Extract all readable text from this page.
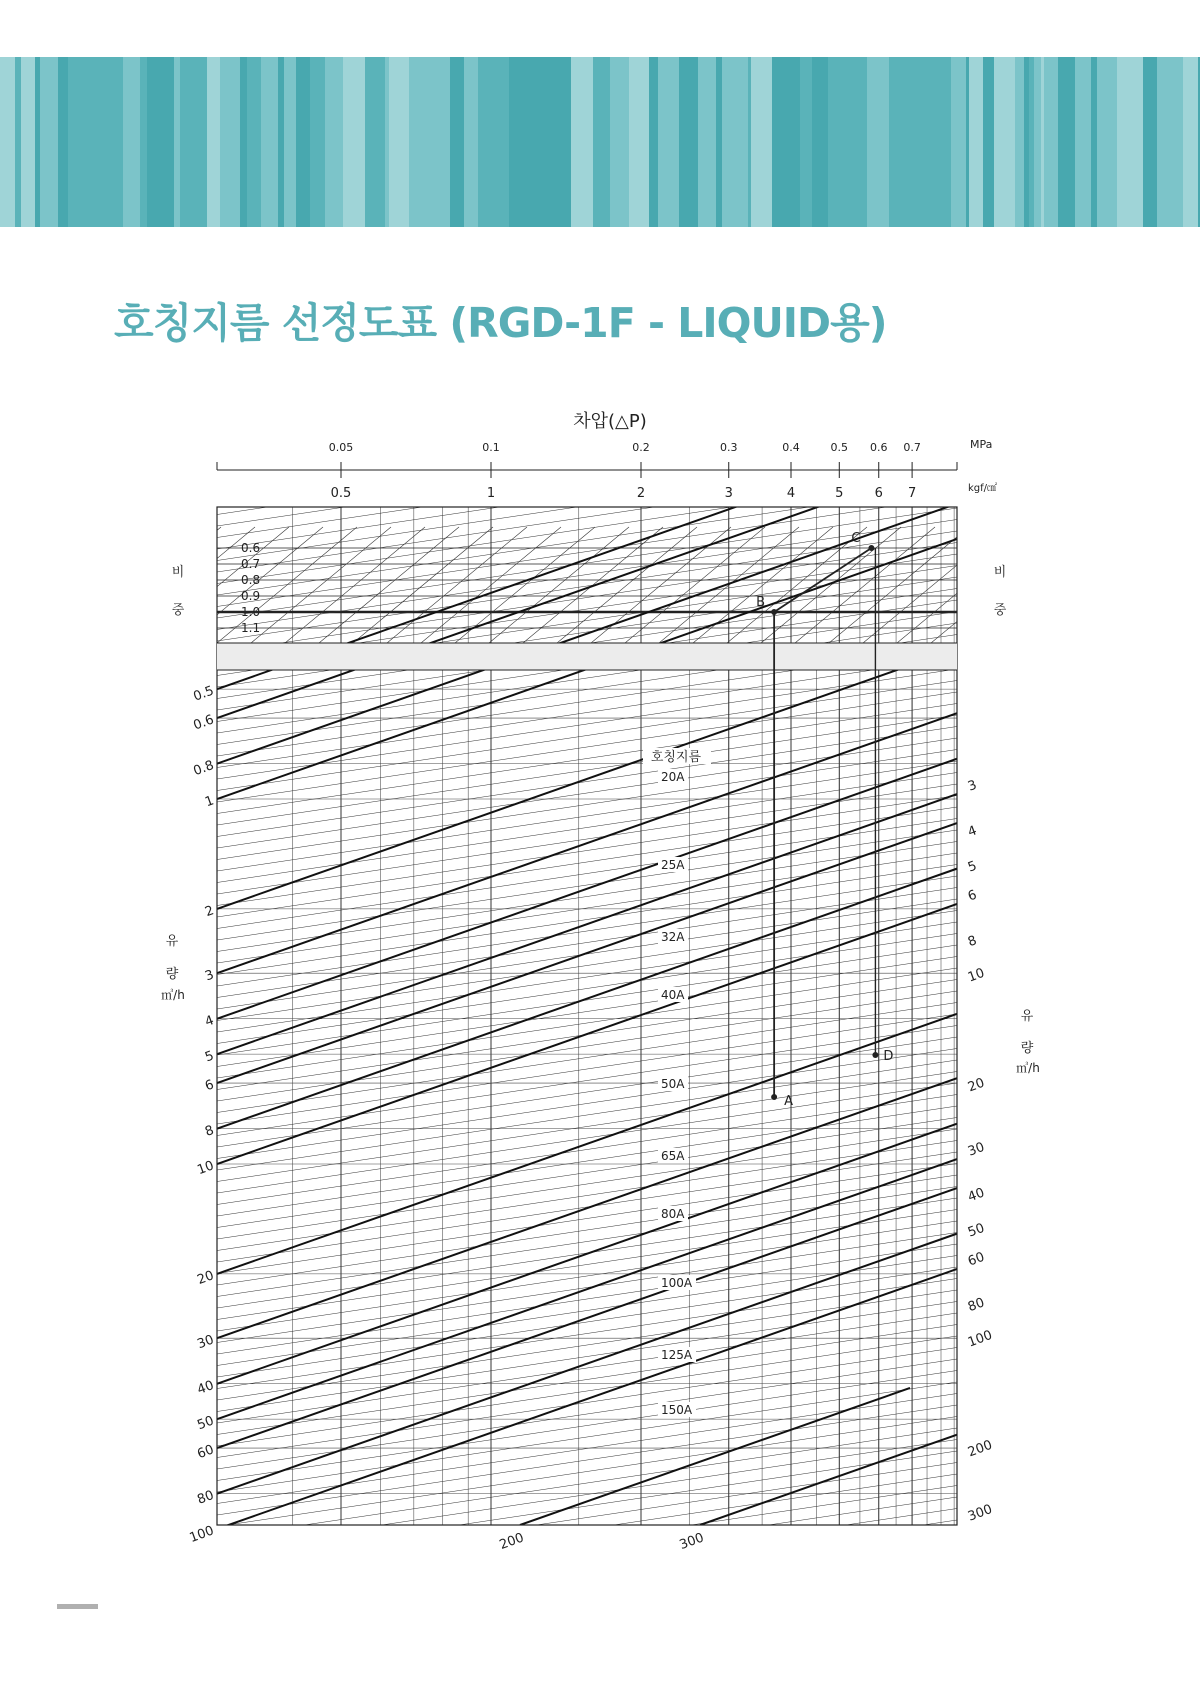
호칭지름 선정도표 (RGD-1F - LIQUID용)
A
B
C
D
차압(△P)
0.05	0.1	0.2	0.3	0.4	0.5 0.6 0.7	MPa
0.5	1	2	3	4	5 6 7	kgf/㎠
0.6
0.7
0.8
0.9
1.0
1.1
비
중
비
중
0.5
0.6
0.8
1
2
3
4
5
6
8
10
20
30
40
50
60
80
100
유
량
㎥/h
3
4
5
6
8
10
20
30
40
50
60
80
100
200
300
유
량
㎥/h
200	300
호칭지름
20A
25A
32A
40A
50A
65A
80A
100A
125A
150A
